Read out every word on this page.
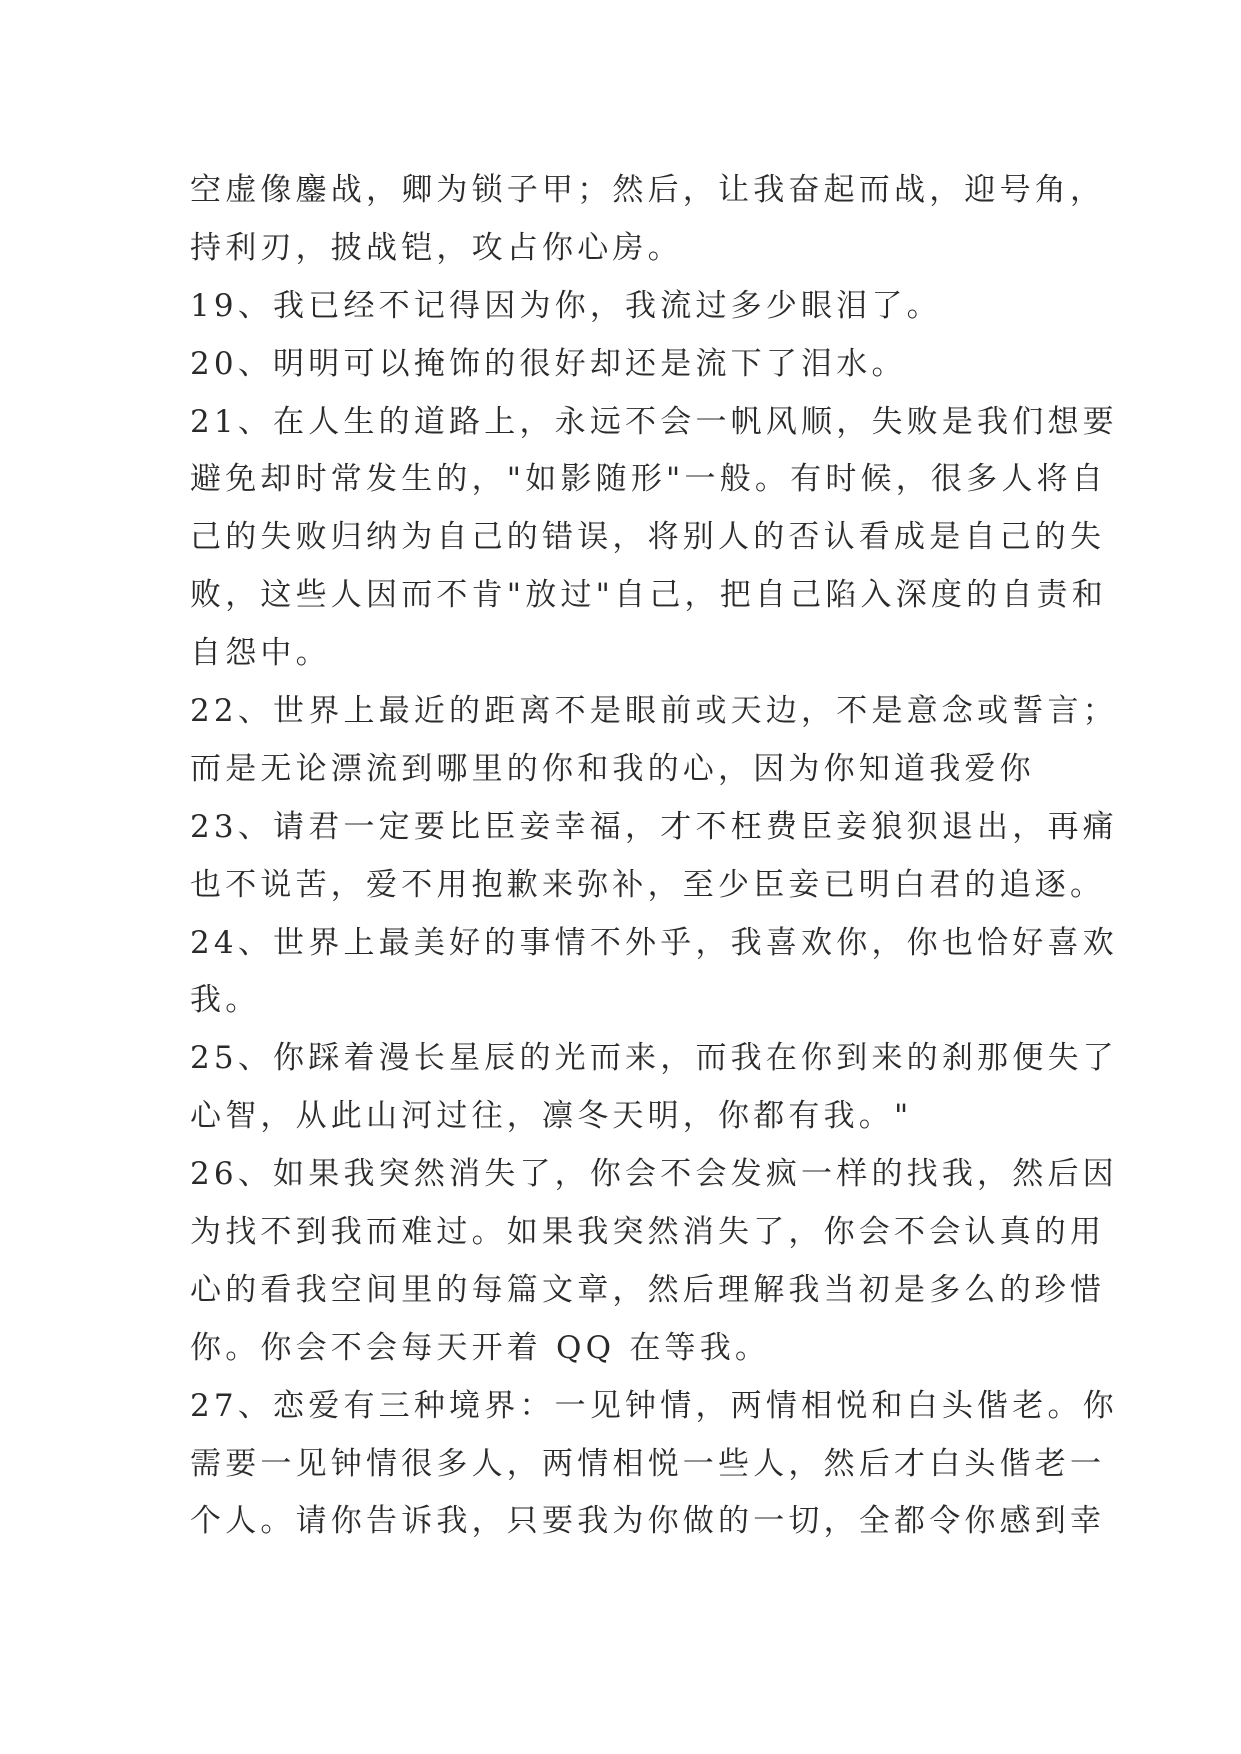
空虚像鏖战，卿为锁子甲；然后，让我奋起而战，迎号角，
持利刃，披战铠，攻占你心房。
19、我已经不记得因为你，我流过多少眼泪了。
20、明明可以掩饰的很好却还是流下了泪水。
21、在人生的道路上，永远不会一帆风顺，失败是我们想要
避免却时常发生的，"如影随形"一般。有时候，很多人将自
己的失败归纳为自己的错误，将别人的否认看成是自己的失
败，这些人因而不肯"放过"自己，把自己陷入深度的自责和
自怨中。
22、世界上最近的距离不是眼前或天边，不是意念或誓言；
而是无论漂流到哪里的你和我的心，因为你知道我爱你
23、请君一定要比臣妾幸福，才不枉费臣妾狼狈退出，再痛
也不说苦，爱不用抱歉来弥补，至少臣妾已明白君的追逐。
24、世界上最美好的事情不外乎，我喜欢你，你也恰好喜欢
我。
25、你踩着漫长星辰的光而来，而我在你到来的刹那便失了
心智，从此山河过往，凛冬天明，你都有我。"
26、如果我突然消失了，你会不会发疯一样的找我，然后因
为找不到我而难过。如果我突然消失了，你会不会认真的用
心的看我空间里的每篇文章，然后理解我当初是多么的珍惜
你。你会不会每天开着 QQ 在等我。
27、恋爱有三种境界：一见钟情，两情相悦和白头偕老。你
需要一见钟情很多人，两情相悦一些人，然后才白头偕老一
个人。请你告诉我，只要我为你做的一切，全都令你感到幸
